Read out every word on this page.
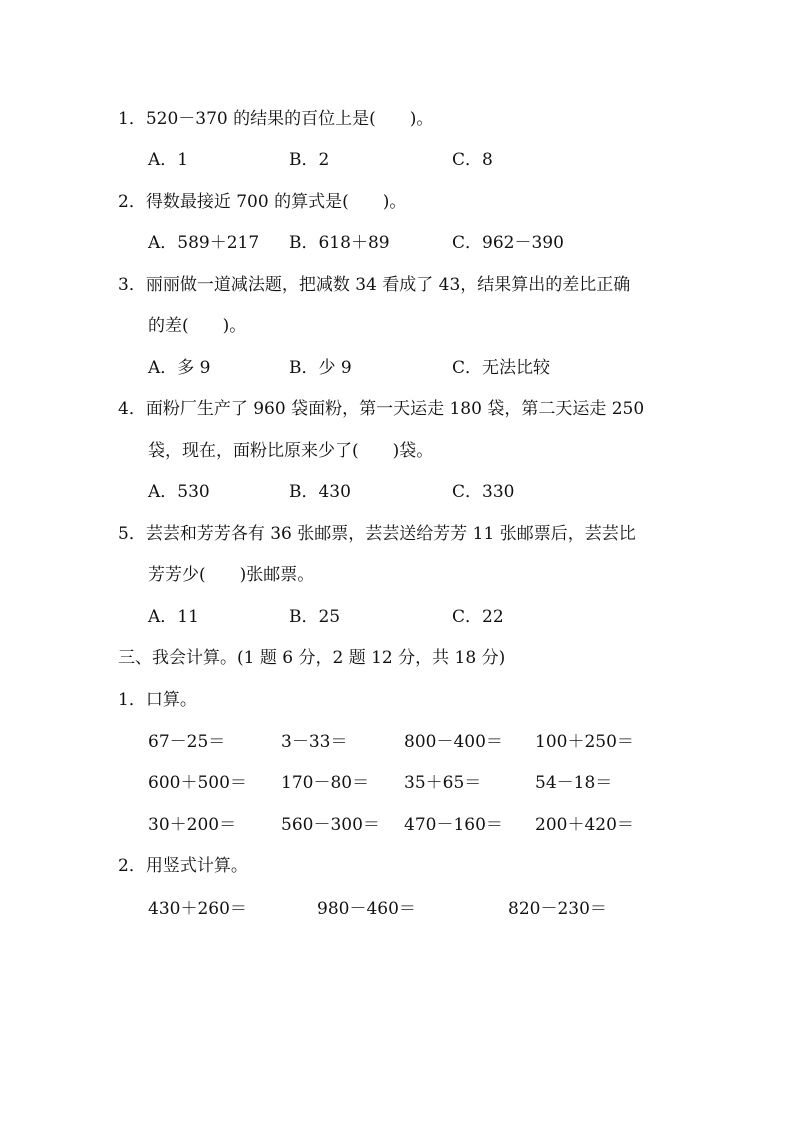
1．520－370 的结果的百位上是(　　)。
A．1	B．2	C．8
2．得数最接近 700 的算式是(　　)。
A．589＋217 B．618＋89	C．962－390
3．丽丽做一道减法题，把减数 34 看成了 43，结果算出的差比正确
的差(　　)。
A．多 9	B．少 9	C．无法比较
4．面粉厂生产了 960 袋面粉，第一天运走 180 袋，第二天运走 250
袋，现在，面粉比原来少了(　　)袋。
A．530	B．430	C．330
5．芸芸和芳芳各有 36 张邮票，芸芸送给芳芳 11 张邮票后，芸芸比
芳芳少(　　)张邮票。
A．11	B．25	C．22
三、我会计算。(1 题 6 分，2 题 12 分，共 18 分)
1．口算。
67－25＝	3－33＝	800－400＝ 100＋250＝
600＋500＝ 170－80＝ 35＋65＝	54－18＝
30＋200＝	560－300＝ 470－160＝ 200＋420＝
2．用竖式计算。
430＋260＝	980－460＝	820－230＝
